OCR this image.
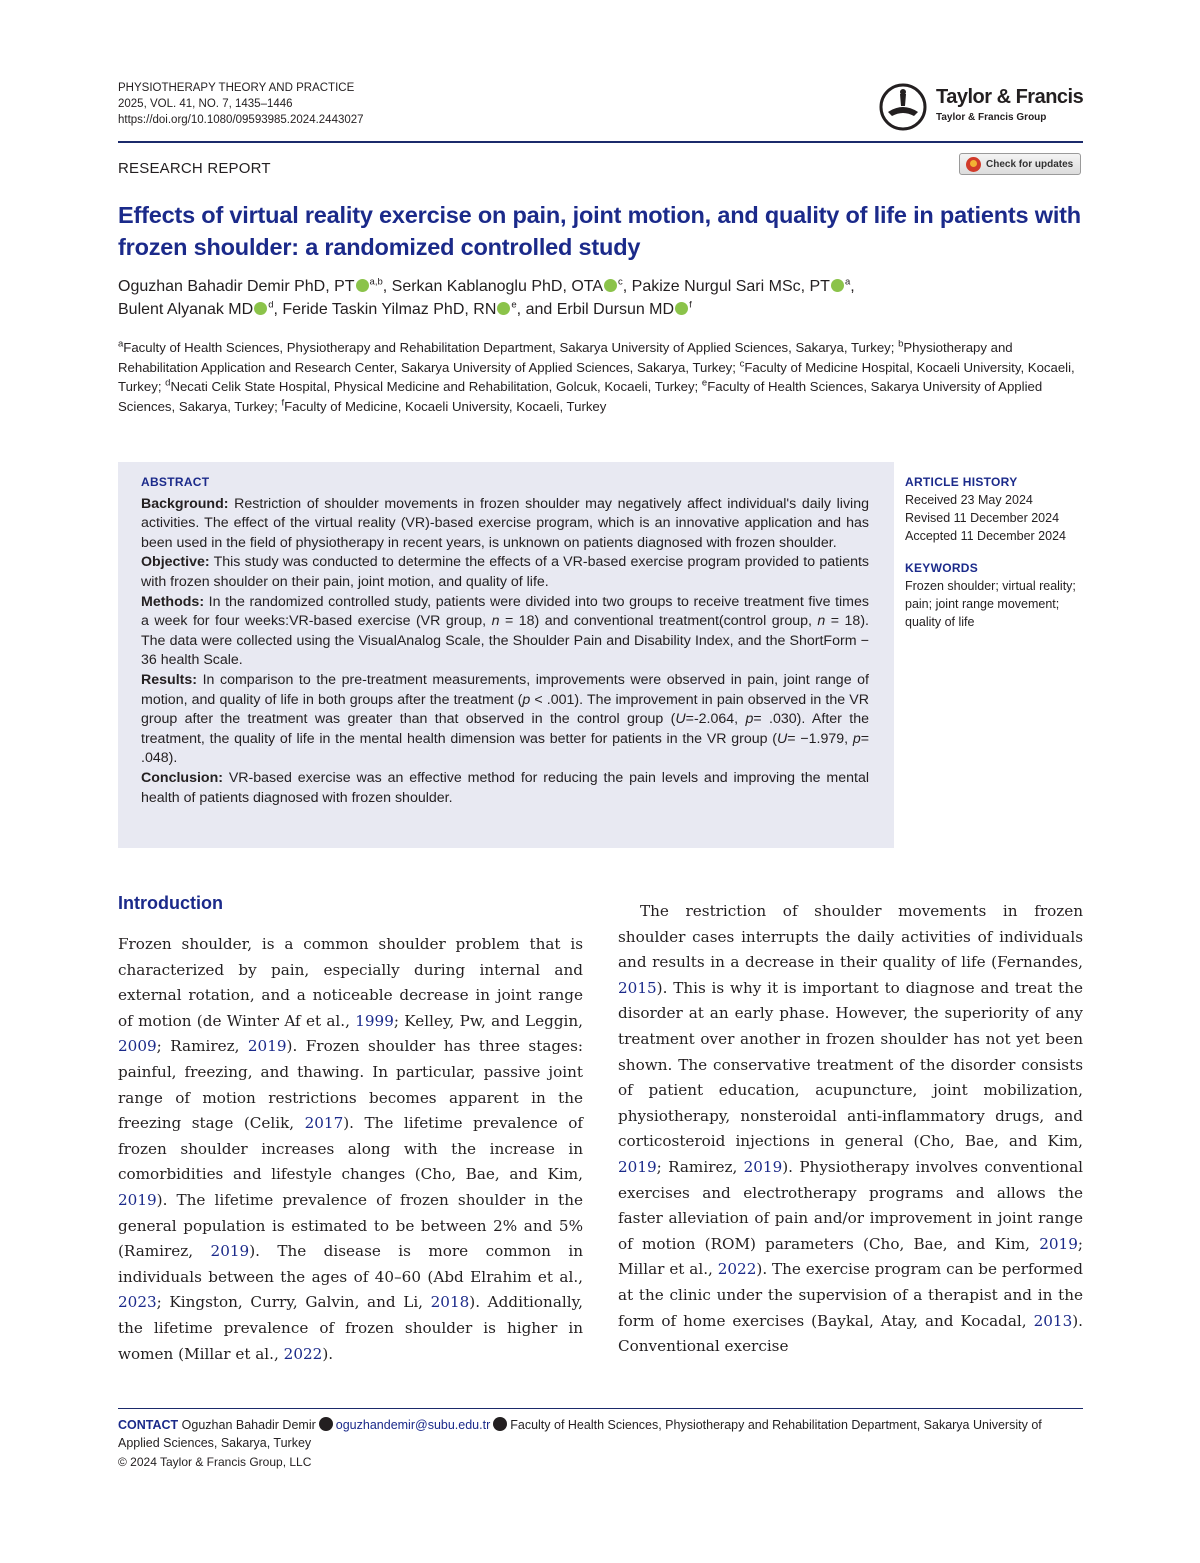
PHYSIOTHERAPY THEORY AND PRACTICE
2025, VOL. 41, NO. 7, 1435–1446
https://doi.org/10.1080/09593985.2024.2443027
Taylor & Francis
Taylor & Francis Group
RESEARCH REPORT	Check for updates
Effects of virtual reality exercise on pain, joint motion, and quality of life in patients with frozen shoulder: a randomized controlled study
Oguzhan Bahadir Demir PhD, PT $^{a,b}$, Serkan Kablanoglu PhD, OTA $^c$, Pakize Nurgul Sari MSc, PT $^a$,
Bulent Alyanak MD $^d$, Feride Taskin Yilmaz PhD, RN $^e$, and Erbil Dursun MD $^f$
$^a$Faculty of Health Sciences, Physiotherapy and Rehabilitation Department, Sakarya University of Applied Sciences, Sakarya, Turkey; $^b$Physiotherapy and Rehabilitation Application and Research Center, Sakarya University of Applied Sciences, Sakarya, Turkey; $^c$Faculty of Medicine Hospital, Kocaeli University, Kocaeli, Turkey; $^d$Necati Celik State Hospital, Physical Medicine and Rehabilitation, Golcuk, Kocaeli, Turkey; $^e$Faculty of Health Sciences, Sakarya University of Applied Sciences, Sakarya, Turkey; $^f$Faculty of Medicine, Kocaeli University, Kocaeli, Turkey
ABSTRACT

Background: Restriction of shoulder movements in frozen shoulder may negatively affect individual's daily living activities. The effect of the virtual reality (VR)-based exercise program, which is an innovative application and has been used in the field of physiotherapy in recent years, is unknown on patients diagnosed with frozen shoulder.

Objective: This study was conducted to determine the effects of a VR-based exercise program provided to patients with frozen shoulder on their pain, joint motion, and quality of life.

Methods: In the randomized controlled study, patients were divided into two groups to receive treatment five times a week for four weeks:VR-based exercise (VR group, n = 18) and conventional treatment(control group, n = 18). The data were collected using the VisualAnalog Scale, the Shoulder Pain and Disability Index, and the ShortForm − 36 health Scale.

Results: In comparison to the pre-treatment measurements, improvements were observed in pain, joint range of motion, and quality of life in both groups after the treatment (p < .001). The improvement in pain observed in the VR group after the treatment was greater than that observed in the control group (U=-2.064, p= .030). After the treatment, the quality of life in the mental health dimension was better for patients in the VR group (U= −1.979, p= .048).

Conclusion: VR-based exercise was an effective method for reducing the pain levels and improving the mental health of patients diagnosed with frozen shoulder.

ARTICLE HISTORY
Received 23 May 2024
Revised 11 December 2024
Accepted 11 December 2024
KEYWORDS
Frozen shoulder; virtual reality; pain; joint range movement; quality of life
Introduction

Frozen shoulder, is a common shoulder problem that is characterized by pain, especially during internal and external rotation, and a noticeable decrease in joint range of motion (de Winter Af et al., 1999; Kelley, Pw, and Leggin, 2009; Ramirez, 2019). Frozen shoulder has three stages: painful, freezing, and thawing. In particular, passive joint range of motion restrictions becomes apparent in the freezing stage (Celik, 2017). The lifetime prevalence of frozen shoulder increases along with the increase in comorbidities and lifestyle changes (Cho, Bae, and Kim, 2019). The lifetime prevalence of frozen shoulder in the general population is estimated to be between 2% and 5% (Ramirez, 2019). The disease is more common in individuals between the ages of 40–60 (Abd Elrahim et al., 2023; Kingston, Curry, Galvin, and Li, 2018). Additionally, the lifetime prevalence of frozen shoulder is higher in women (Millar et al., 2022).

The restriction of shoulder movements in frozen shoulder cases interrupts the daily activities of individuals and results in a decrease in their quality of life (Fernandes, 2015). This is why it is important to diagnose and treat the disorder at an early phase. However, the superiority of any treatment over another in frozen shoulder has not yet been shown. The conservative treatment of the disorder consists of patient education, acupuncture, joint mobilization, physiotherapy, nonsteroidal anti-inflammatory drugs, and corticosteroid injections in general (Cho, Bae, and Kim, 2019; Ramirez, 2019). Physiotherapy involves conventional exercises and electrotherapy programs and allows the faster alleviation of pain and/or improvement in joint range of motion (ROM) parameters (Cho, Bae, and Kim, 2019; Millar et al., 2022). The exercise program can be performed at the clinic under the supervision of a therapist and in the form of home exercises (Baykal, Atay, and Kocadal, 2013). Conventional exercise

CONTACT Oguzhan Bahadir Demir oguzhandemir@subu.edu.tr Faculty of Health Sciences, Physiotherapy and Rehabilitation Department, Sakarya University of Applied Sciences, Sakarya, Turkey
© 2024 Taylor & Francis Group, LLC
